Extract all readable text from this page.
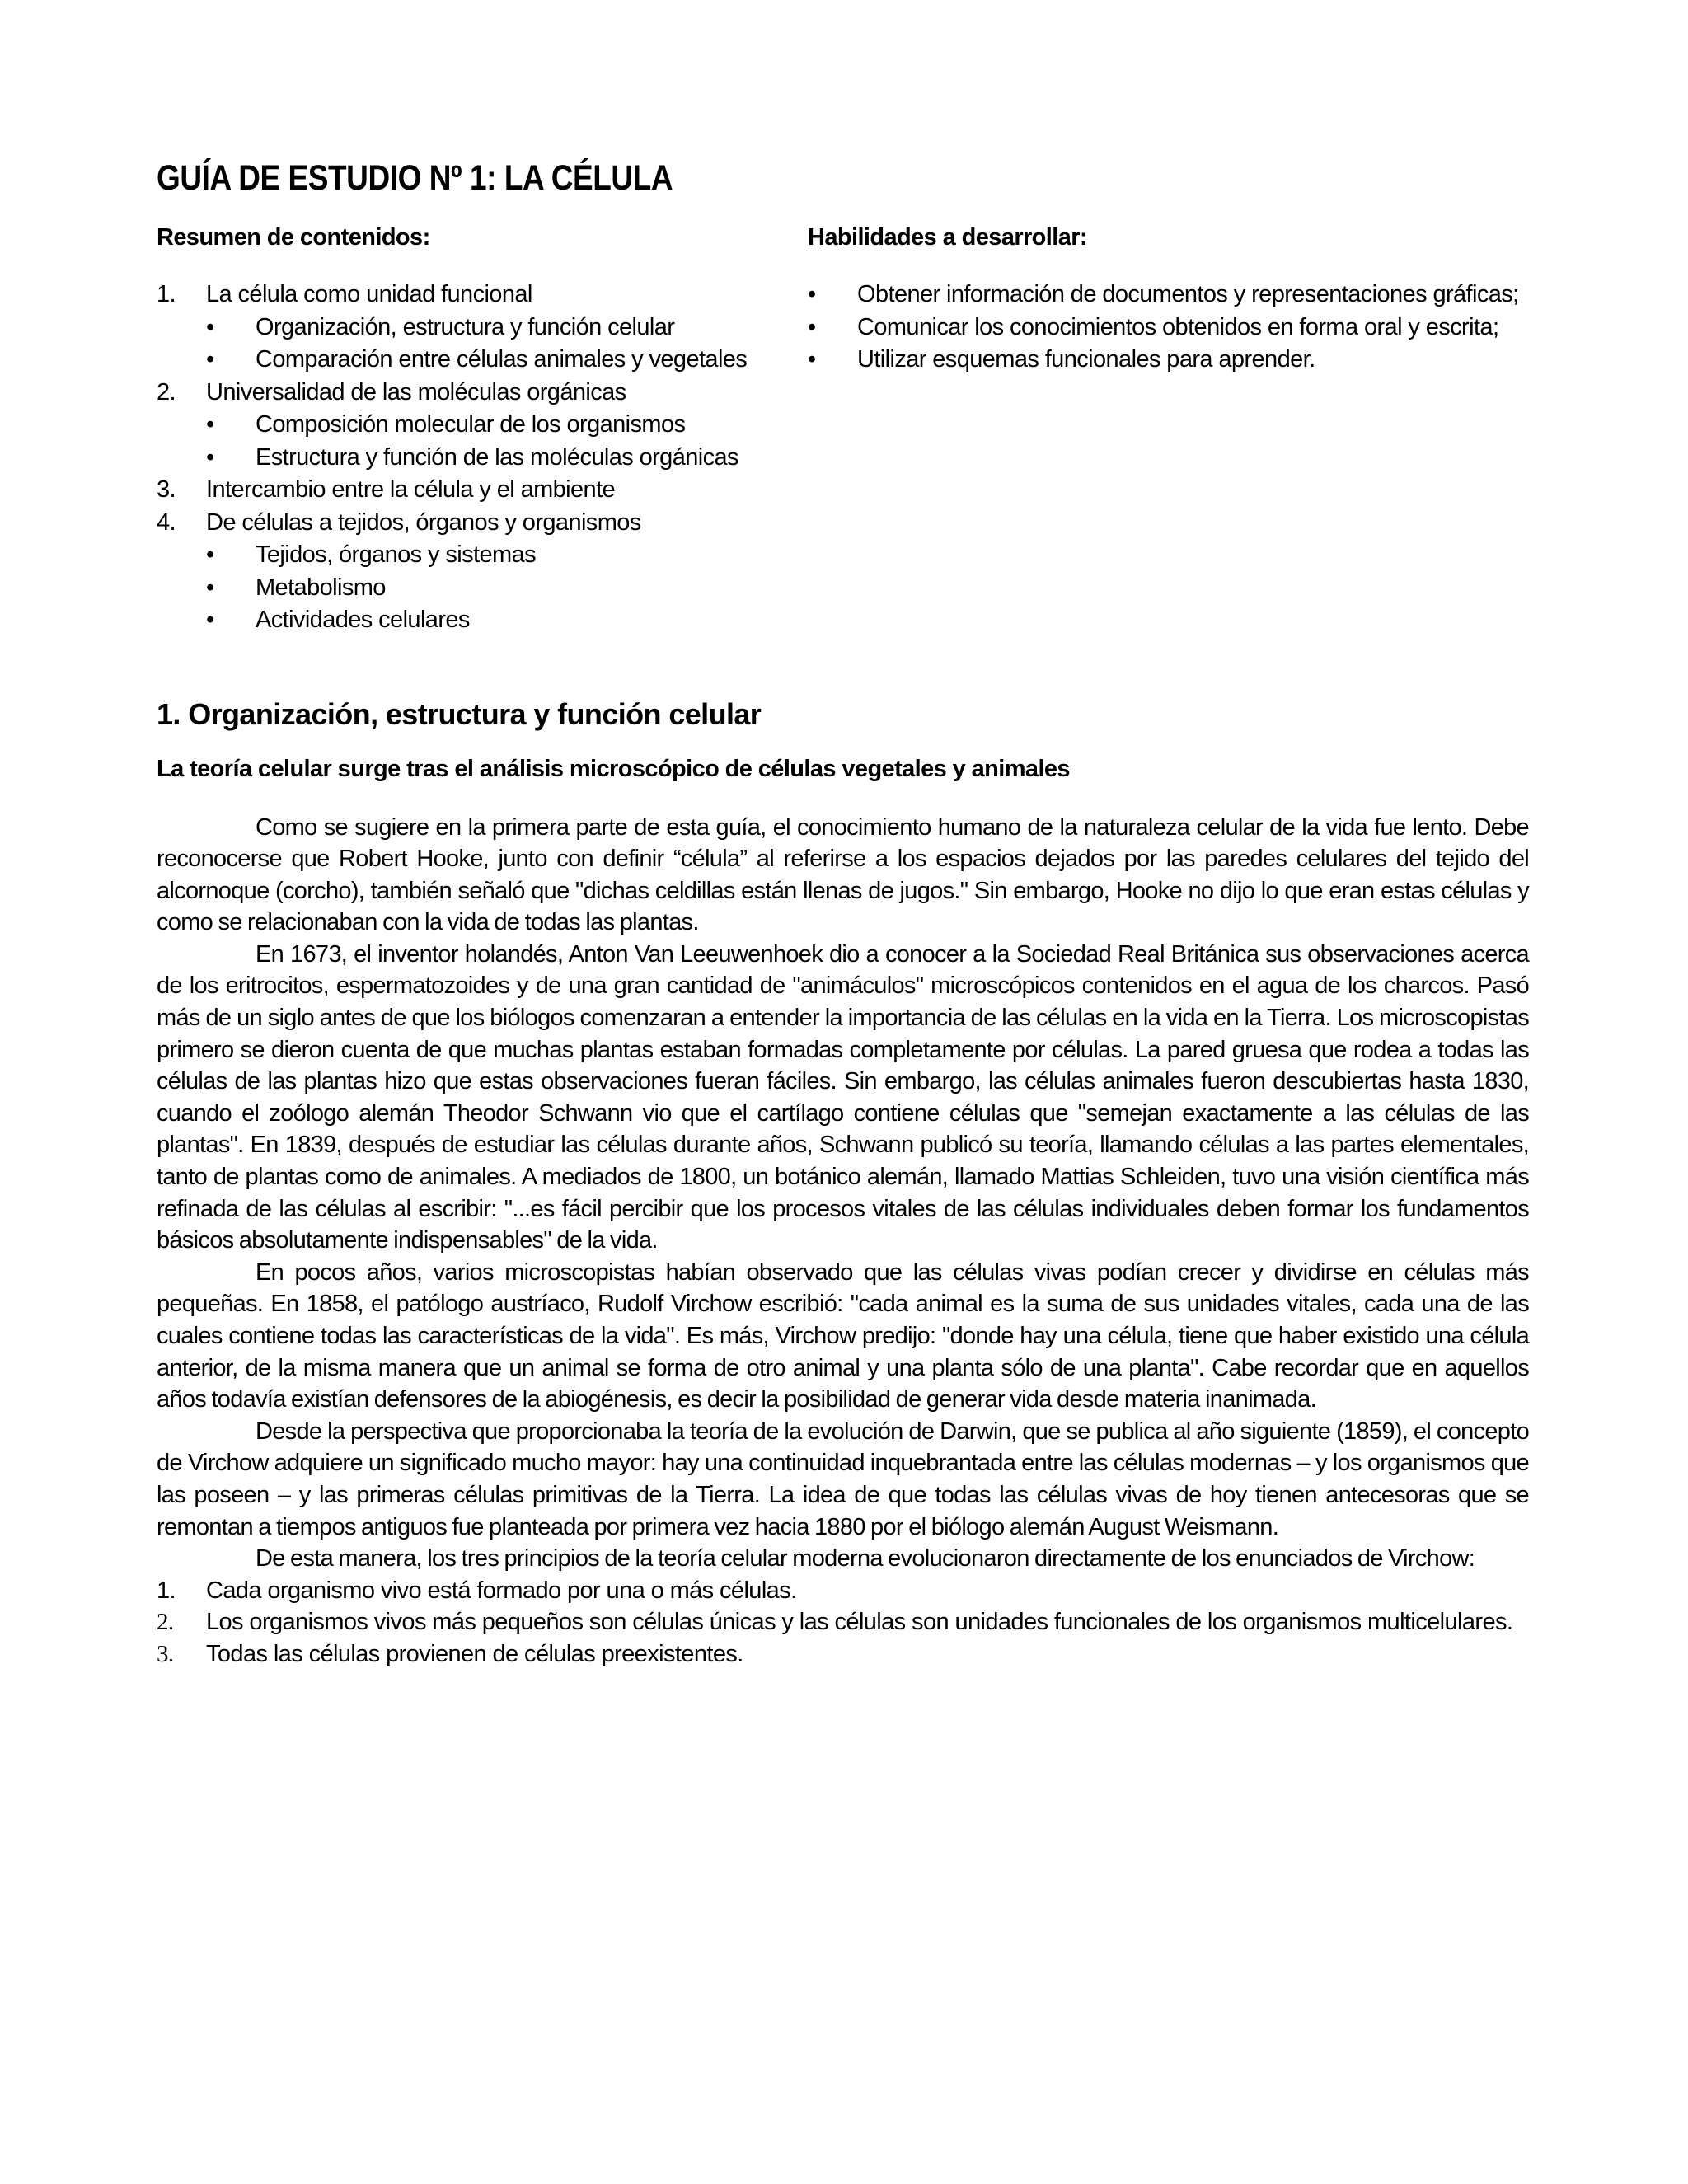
GUÍA DE ESTUDIO Nº 1: LA CÉLULA
Resumen de contenidos:
1.	La célula como unidad funcional
•	Organización, estructura y función celular
•	Comparación entre células animales y vegetales
2.	Universalidad de las moléculas orgánicas
•	Composición molecular de los organismos
•	Estructura y función de las moléculas orgánicas
3.	Intercambio entre la célula y el ambiente
4.	De células a tejidos, órganos y organismos
•	Tejidos, órganos y sistemas
•	Metabolismo
•	Actividades celulares
Habilidades a desarrollar:
•	Obtener información de documentos y representaciones gráficas;
•	Comunicar los conocimientos obtenidos en forma oral y escrita;
•	Utilizar esquemas funcionales para aprender.
1. Organización, estructura y función celular
La teoría celular surge tras el análisis microscópico de células vegetales y animales

Como se sugiere en la primera parte de esta guía, el conocimiento humano de la naturaleza celular de la vida fue lento. Debe reconocerse que Robert Hooke, junto con definir “célula” al referirse a los espacios dejados por las paredes celulares del tejido del alcornoque (corcho), también señaló que "dichas celdillas están llenas de jugos." Sin embargo, Hooke no dijo lo que eran estas células y como se relacionaban con la vida de todas las plantas.

En 1673, el inventor holandés, Anton Van Leeuwenhoek dio a conocer a la Sociedad Real Británica sus observaciones acerca de los eritrocitos, espermatozoides y de una gran cantidad de "animáculos" microscópicos contenidos en el agua de los charcos. Pasó más de un siglo antes de que los biólogos comenzaran a entender la importancia de las células en la vida en la Tierra. Los microscopistas primero se dieron cuenta de que muchas plantas estaban formadas completamente por células. La pared gruesa que rodea a todas las células de las plantas hizo que estas observaciones fueran fáciles. Sin embargo, las células animales fueron descubiertas hasta 1830, cuando el zoólogo alemán Theodor Schwann vio que el cartílago contiene células que "semejan exactamente a las células de las plantas". En 1839, después de estudiar las células durante años, Schwann publicó su teoría, llamando células a las partes elementales, tanto de plantas como de animales. A mediados de 1800, un botánico alemán, llamado Mattias Schleiden, tuvo una visión científica más refinada de las células al escribir: "...es fácil percibir que los procesos vitales de las células individuales deben formar los fundamentos básicos absolutamente indispensables" de la vida.

En pocos años, varios microscopistas habían observado que las células vivas podían crecer y dividirse en células más pequeñas. En 1858, el patólogo austríaco, Rudolf Virchow escribió: "cada animal es la suma de sus unidades vitales, cada una de las cuales contiene todas las características de la vida". Es más, Virchow predijo: "donde hay una célula, tiene que haber existido una célula anterior, de la misma manera que un animal se forma de otro animal y una planta sólo de una planta". Cabe recordar que en aquellos años todavía existían defensores de la abiogénesis, es decir la posibilidad de generar vida desde materia inanimada.

Desde la perspectiva que proporcionaba la teoría de la evolución de Darwin, que se publica al año siguiente (1859), el concepto de Virchow adquiere un significado mucho mayor: hay una continuidad inquebrantada entre las células modernas – y los organismos que las poseen – y las primeras células primitivas de la Tierra. La idea de que todas las células vivas de hoy tienen antecesoras que se remontan a tiempos antiguos fue planteada por primera vez hacia 1880 por el biólogo alemán August Weismann.

De esta manera, los tres principios de la teoría celular moderna evolucionaron directamente de los enunciados de Virchow:

1.	Cada organismo vivo está formado por una o más células.
2.	Los organismos vivos más pequeños son células únicas y las células son unidades funcionales de los organismos multicelulares.
3.	Todas las células provienen de células preexistentes.
